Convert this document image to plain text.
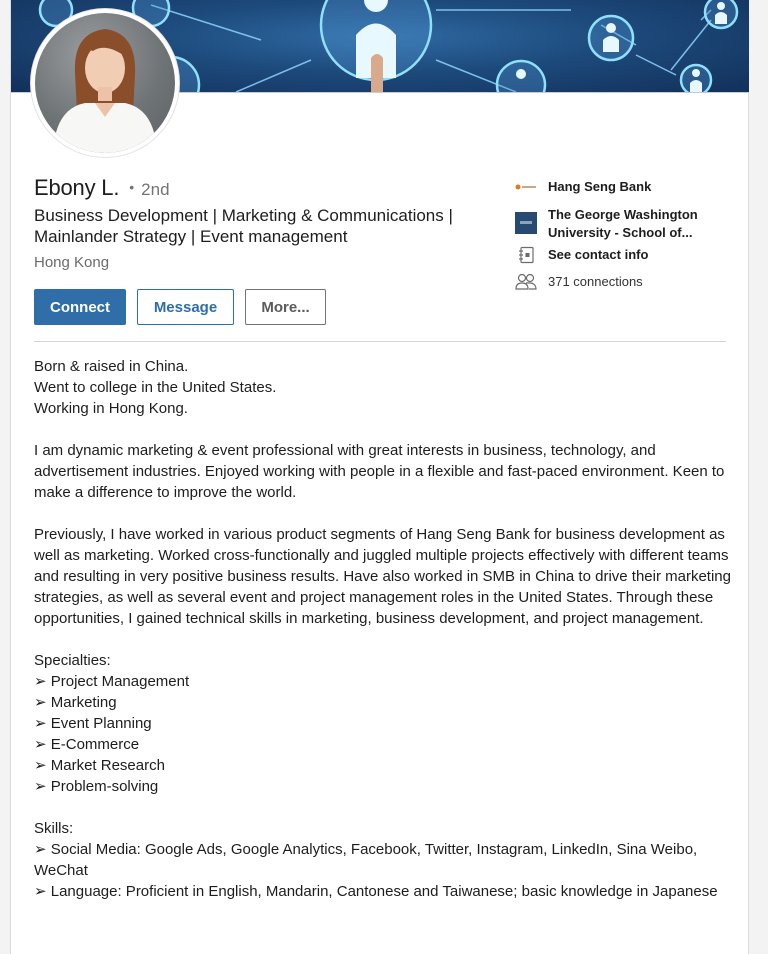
Ebony L. • 2nd
Business Development | Marketing & Communications | Mainlander Strategy | Event management
Hong Kong
Connect	Message	More...
Hang Seng Bank
The George Washington
University - School of...
See contact info
371 connections

Born & raised in China.

Went to college in the United States.

Working in Hong Kong.

I am dynamic marketing & event professional with great interests in business, technology, and advertisement industries. Enjoyed working with people in a flexible and fast-paced environment. Keen to make a difference to improve the world.

Previously, I have worked in various product segments of Hang Seng Bank for business development as well as marketing. Worked cross-functionally and juggled multiple projects effectively with different teams and resulting in very positive business results. Have also worked in SMB in China to drive their marketing strategies, as well as several event and project management roles in the United States. Through these opportunities, I gained technical skills in marketing, business development, and project management.

Specialties:

➢ Project Management

➢ Marketing

➢ Event Planning

➢ E-Commerce

➢ Market Research

➢ Problem-solving

Skills:

➢ Social Media: Google Ads, Google Analytics, Facebook, Twitter, Instagram, LinkedIn, Sina Weibo, WeChat

➢ Language: Proficient in English, Mandarin, Cantonese and Taiwanese; basic knowledge in Japanese
